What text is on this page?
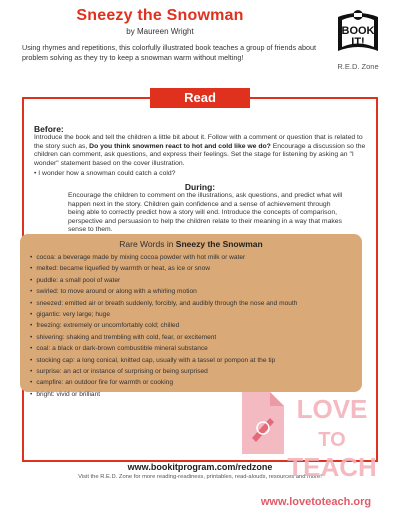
Sneezy the Snowman
by Maureen Wright
Using rhymes and repetitions, this colorfully illustrated book teaches a group of friends about problem solving as they try to keep a snowman warm without melting!
BOOK
IT!
R.E.D. Zone
Read
Before:
Introduce the book and tell the children a little bit about it. Follow with a comment or question that is related to the story such as, Do you think snowmen react to hot and cold like we do? Encourage a discussion so the children can comment, ask questions, and express their feelings. Set the stage for listening by asking an "I wonder" statement based on the cover illustration.
• I wonder how a snowman could catch a cold?
During:
Encourage the children to comment on the illustrations, ask questions, and predict what will happen next in the story. Children gain confidence and a sense of achievement through being able to correctly predict how a story will end. Introduce the concepts of comparison, perspective and persuasion to help the children relate to their meaning in a way that makes sense to them.
Rare Words in Sneezy the Snowman
• cocoa: a beverage made by mixing cocoa powder with hot milk or water
• melted: became liquefied by warmth or heat, as ice or snow
• puddle: a small pool of water
• swirled: to move around or along with a whirling motion
• sneezed: emitted air or breath suddenly, forcibly, and audibly through the nose and mouth
• gigantic: very large; huge
• freezing: extremely or uncomfortably cold; chilled
• shivering: shaking and trembling with cold, fear, or excitement
• coal: a black or dark-brown combustible mineral substance
• stocking cap: a long conical, knitted cap, usually with a tassel or pompon at the tip
• surprise: an act or instance of surprising or being surprised
• campfire: an outdoor fire for warmth or cooking
• bright: vivid or brilliant
www.bookitprogram.com/redzone
Visit the R.E.D. Zone for more reading-readiness, printables, read-alouds, resources and more!
LOVE
TO
TEACH
www.lovetoteach.org
